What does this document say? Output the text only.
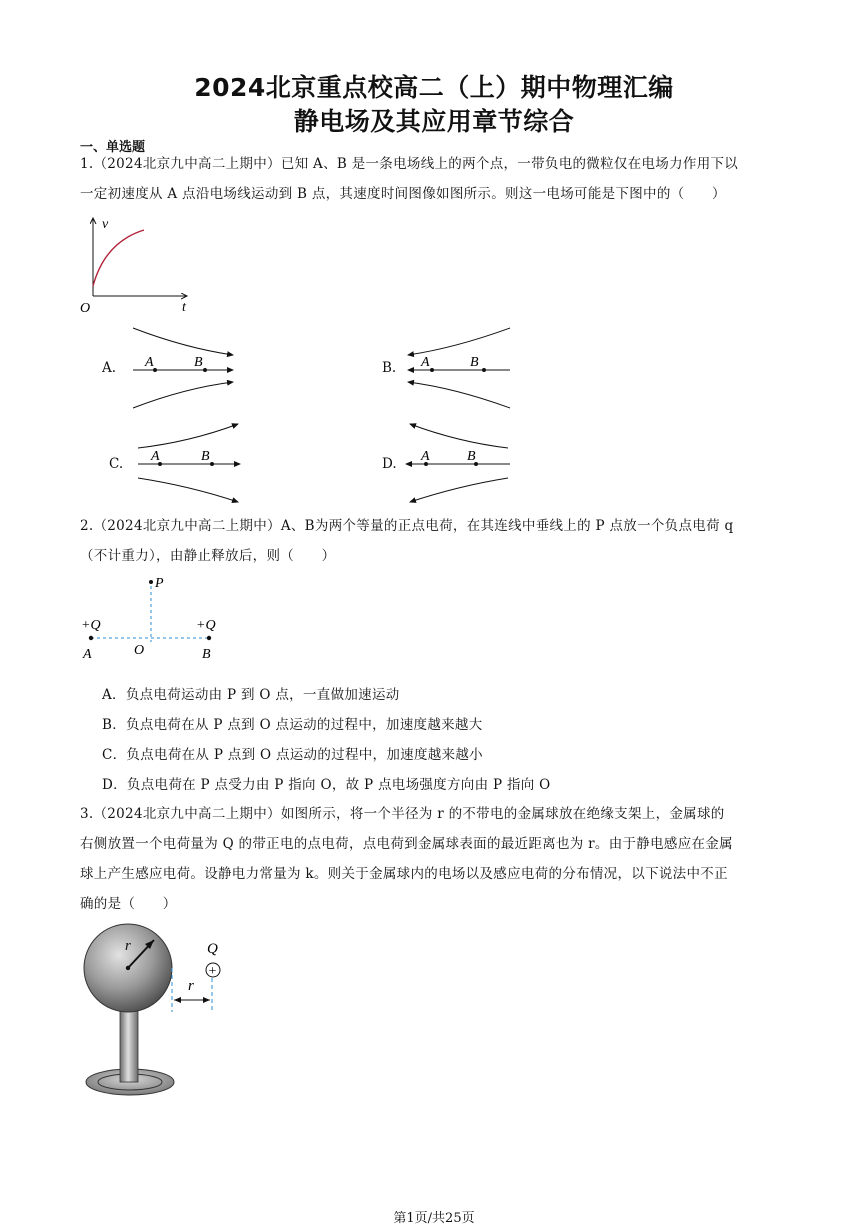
2024北京重点校高二（上）期中物理汇编
静电场及其应用章节综合
一、单选题
1.（2024北京九中高二上期中）已知 A、B 是一条电场线上的两个点，一带负电的微粒仅在电场力作用下以
一定初速度从 A 点沿电场线运动到 B 点，其速度时间图像如图所示。则这一电场可能是下图中的（　　）
v
t
O
A. A	B	B. A	B
C. A	B	D. A	B
2.（2024北京九中高二上期中）A、B为两个等量的正点电荷，在其连线中垂线上的 P 点放一个负点电荷 q
（不计重力），由静止释放后，则（　　）
P
O
+Q	+Q
A	B
A．负点电荷运动由 P 到 O 点，一直做加速运动
B．负点电荷在从 P 点到 O 点运动的过程中，加速度越来越大
C．负点电荷在从 P 点到 O 点运动的过程中，加速度越来越小
D．负点电荷在 P 点受力由 P 指向 O，故 P 点电场强度方向由 P 指向 O
3.（2024北京九中高二上期中）如图所示，将一个半径为 r 的不带电的金属球放在绝缘支架上，金属球的
右侧放置一个电荷量为 Q 的带正电的点电荷，点电荷到金属球表面的最近距离也为 r。由于静电感应在金属
球上产生感应电荷。设静电力常量为 k。则关于金属球内的电场以及感应电荷的分布情况，以下说法中不正
确的是（　　）
r
r
+
Q
第1页/共25页
